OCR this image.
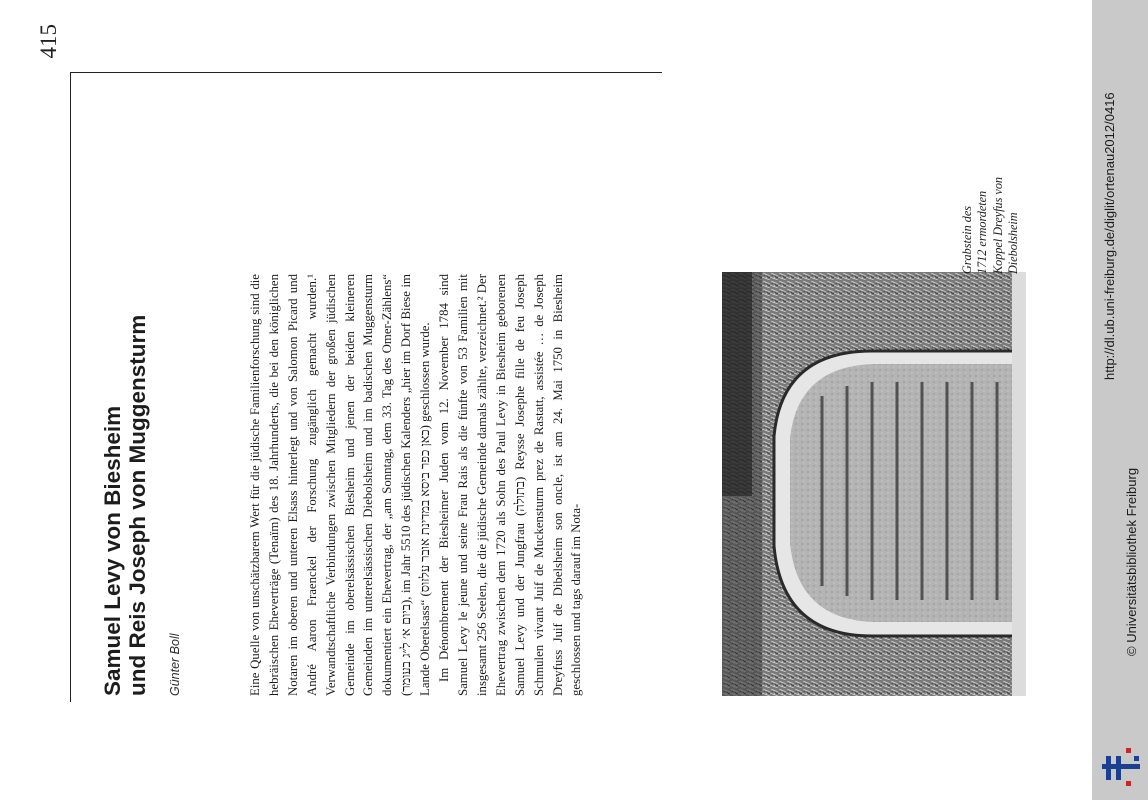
415
Samuel Levy von Biesheim und Reis Joseph von Muggensturm Günter Boll	Eine Quelle von unschätzbarem Wert für die jüdische Familienforschung sind die hebräischen Eheverträge (Tenaïm) des 18. Jahrhunderts, die bei den königlichen Notaren im oberen und unteren Elsass hinterlegt und von Salomon Picard und André Aaron Fraenckel der Forschung zugänglich gemacht wurden.¹ Verwandtschaftliche Verbindungen zwischen Mitgliedern der großen jüdischen Gemeinde im oberelsässischen Biesheim und jenen der beiden kleineren Gemeinden im unterelsässischen Diebolsheim und im badischen Muggensturm dokumentiert ein Ehevertrag, der „am Sonntag, dem 33. Tag des Omer-Zählens“ (ביום א׳ ל״ג בעומר), im Jahr 5510 des jüdischen Kalenders „hier im Dorf Biese im Lande Oberelsass“ (כאן כפר ביסא במדינת אובר עלזוס) geschlossen wurde. Im Dénombrement der Biesheimer Juden vom 12. November 1784 sind Samuel Levy le jeune und seine Frau Rais als die fünfte von 53 Familien mit insgesamt 256 Seelen, die die jüdische Gemeinde damals zählte, verzeichnet.² Der Ehevertrag zwischen dem 1720 als Sohn des Paul Levy in Biesheim geborenen Samuel Levy und der Jungfrau (בתולה) Reysse Josephe fille de feu Joseph Schmulen vivant Juif de Muckensturm prez de Rastatt, assistée … de Joseph Dreyfuss Juif de Dibelsheim son oncle, ist am 24. Mai 1750 in Biesheim geschlossen und tags darauf im Nota-

Grabstein des 1712 ermordeten Koppel Dreyfus von Diebolsheim	http://dl.ub.uni-freiburg.de/diglit/ortenau2012/0416
© Universitätsbibliothek Freiburg
